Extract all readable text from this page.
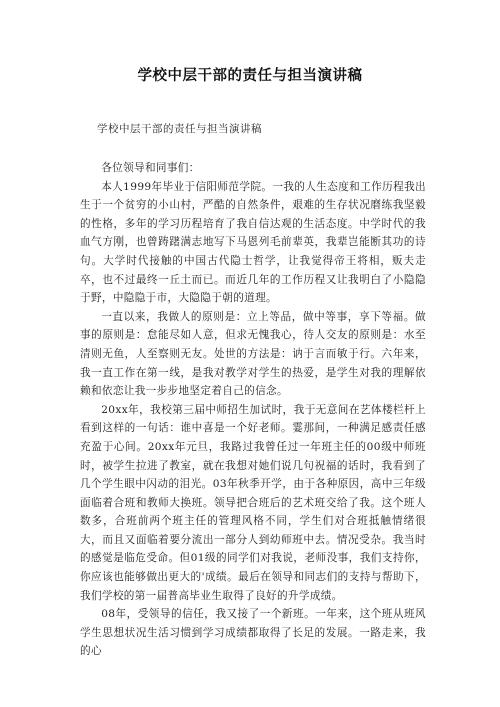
学校中层干部的责任与担当演讲稿
学校中层干部的责任与担当演讲稿

各位领导和同事们：

本人1999年毕业于信阳师范学院。一我的人生态度和工作历程我出生于一个贫穷的小山村，严酷的自然条件，艰难的生存状况磨练我坚毅的性格，多年的学习历程培育了我自信达观的生活态度。中学时代的我血气方刚，也曾踌躇满志地写下马恩列毛前辈英，我辈岂能断其功的诗句。大学时代接触的中国古代隐士哲学，让我觉得帝王将相，贩夫走卒，也不过最终一丘土而已。而近几年的工作历程又让我明白了小隐隐于野，中隐隐于市，大隐隐于朝的道理。

一直以来，我做人的原则是：立上等品，做中等事，享下等福。做事的原则是：怠能尽如人意，但求无愧我心，待人交友的原则是：水至清则无鱼，人至察则无友。处世的方法是：讷于言而敏于行。六年来，我一直工作在第一线，是我对教学对学生的热爱，是学生对我的理解依赖和依恋让我一步步地坚定着自己的信念。

20xx年，我校第三届中师招生加试时，我于无意间在艺体楼栏杆上看到这样的一句话：谁中喜是一个好老师。霎那间，一种满足感责任感充盈于心间。20xx年元旦，我路过我曾任过一年班主任的00级中师班时，被学生拉进了教室，就在我想对她们说几句祝福的话时，我看到了几个学生眼中闪动的泪光。03年秋季开学，由于各种原因，高中三年级面临着合班和教师大换班。领导把合班后的艺术班交给了我。这个班人数多，合班前两个班主任的管理风格不同，学生们对合班抵触情绪很大，而且又面临着要分流出一部分人到幼师班中去。情况受杂。我当时的感觉是临危受命。但01级的同学们对我说，老师没事，我们支持你，你应该也能够做出更大的'成绩。最后在领导和同志们的支持与帮助下，我们学校的第一届普高毕业生取得了良好的升学成绩。

08年，受领导的信任，我又接了一个新班。一年来，这个班从班风学生思想状况生活习惯到学习成绩都取得了长足的发展。一路走来，我的心
